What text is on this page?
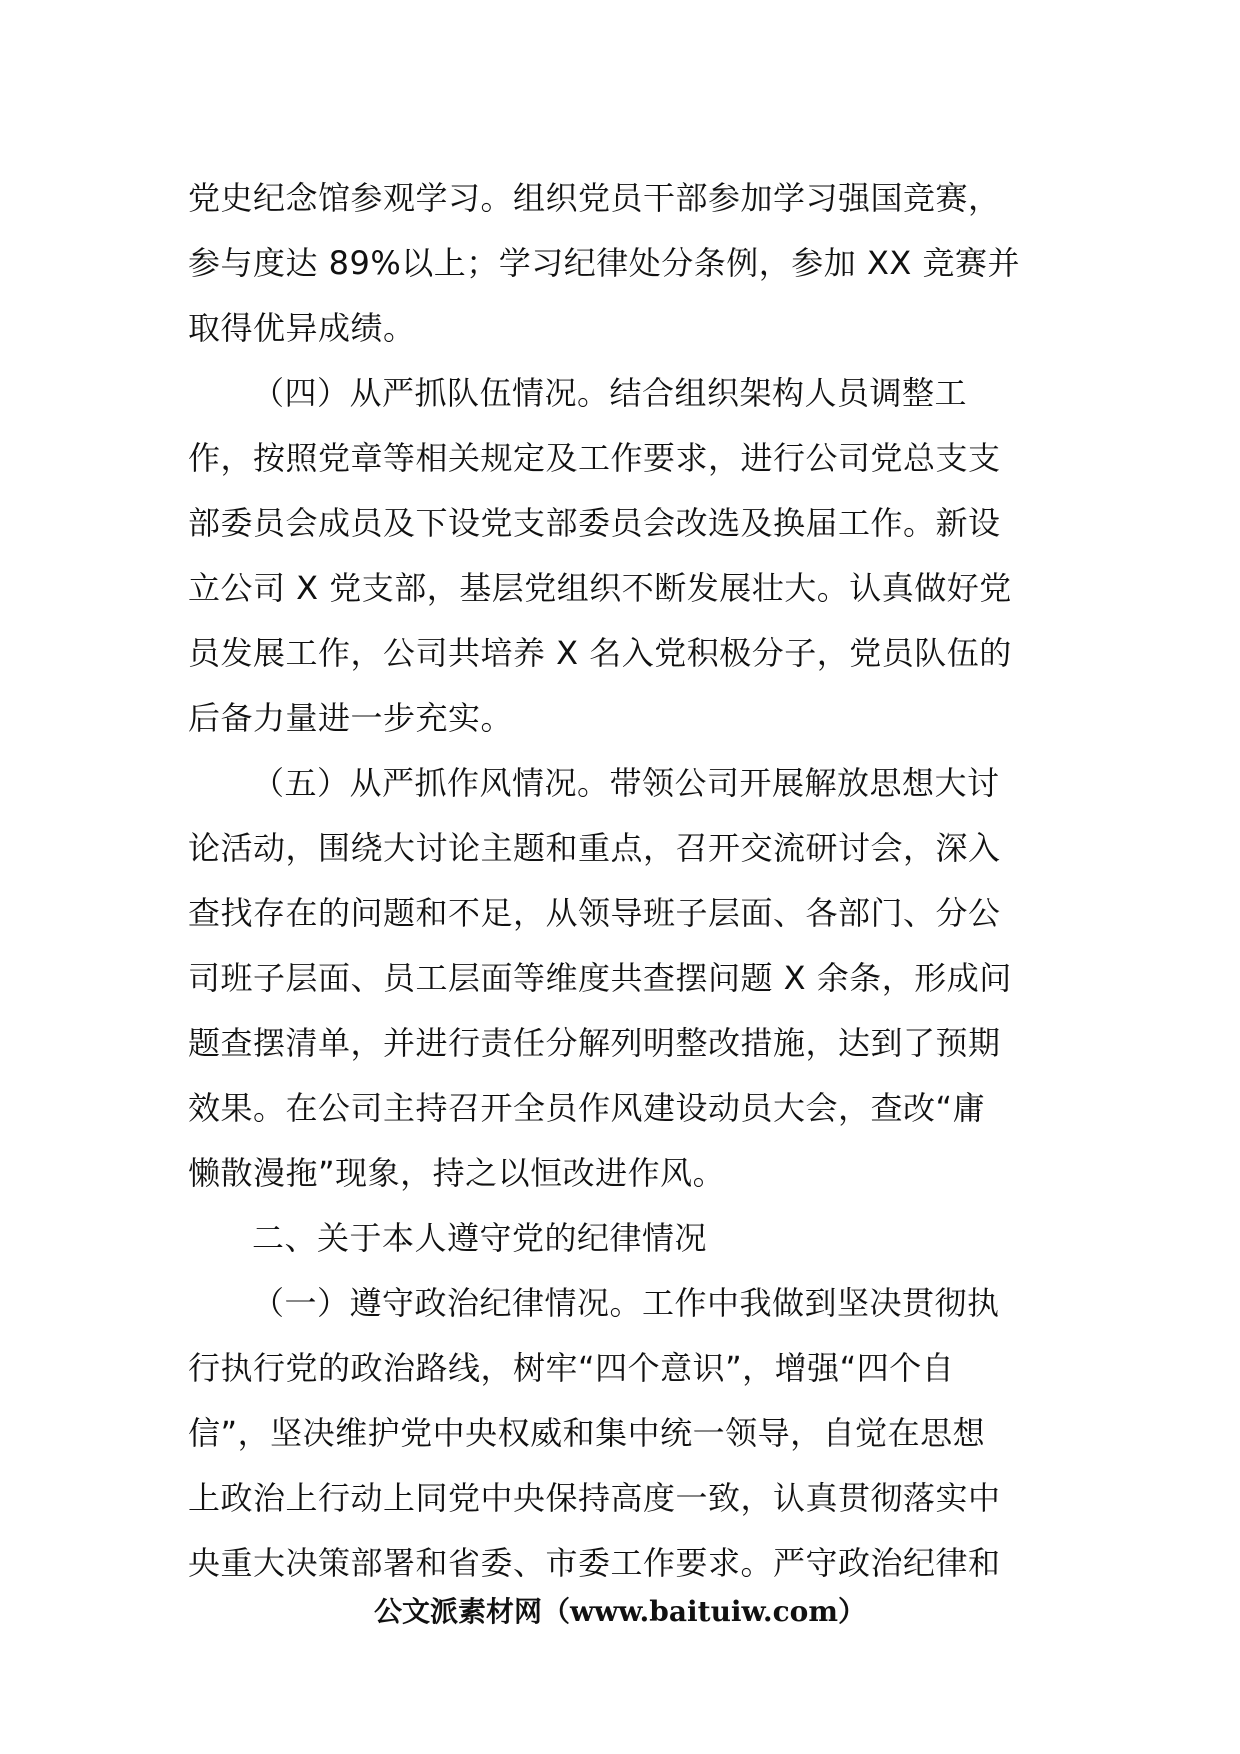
党史纪念馆参观学习。组织党员干部参加学习强国竞赛，
参与度达 89%以上；学习纪律处分条例，参加 XX 竞赛并
取得优异成绩。
（四）从严抓队伍情况。结合组织架构人员调整工
作，按照党章等相关规定及工作要求，进行公司党总支支
部委员会成员及下设党支部委员会改选及换届工作。新设
立公司 X 党支部，基层党组织不断发展壮大。认真做好党
员发展工作，公司共培养 X 名入党积极分子，党员队伍的
后备力量进一步充实。
（五）从严抓作风情况。带领公司开展解放思想大讨
论活动，围绕大讨论主题和重点，召开交流研讨会，深入
查找存在的问题和不足，从领导班子层面、各部门、分公
司班子层面、员工层面等维度共查摆问题 X 余条，形成问
题查摆清单，并进行责任分解列明整改措施，达到了预期
效果。在公司主持召开全员作风建设动员大会，查改“庸
懒散漫拖”现象，持之以恒改进作风。
二、关于本人遵守党的纪律情况
（一）遵守政治纪律情况。工作中我做到坚决贯彻执
行执行党的政治路线，树牢“四个意识”，增强“四个自
信”，坚决维护党中央权威和集中统一领导，自觉在思想
上政治上行动上同党中央保持高度一致，认真贯彻落实中
央重大决策部署和省委、市委工作要求。严守政治纪律和
公文派素材网（www.baituiw.com）
